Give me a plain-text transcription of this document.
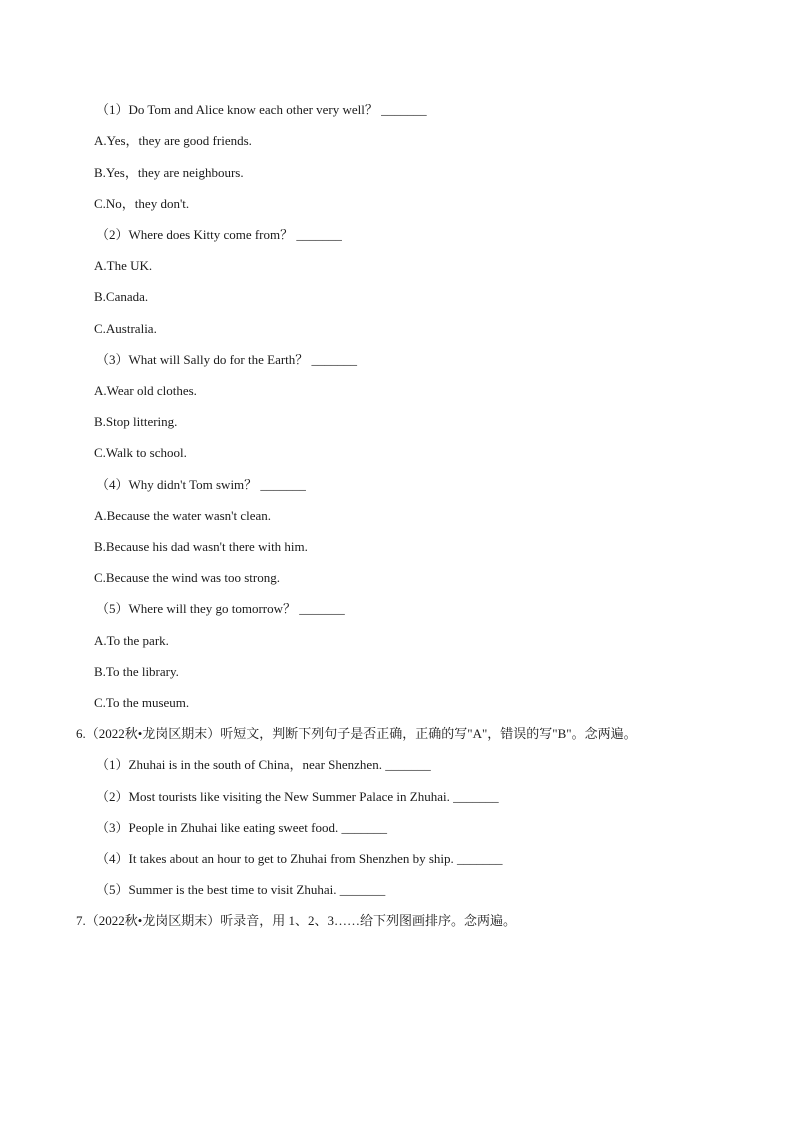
（1）Do Tom and Alice know each other very well？ _______
A.Yes，they are good friends.
B.Yes，they are neighbours.
C.No，they don't.
（2）Where does Kitty come from？ _______
A.The UK.
B.Canada.
C.Australia.
（3）What will Sally do for the Earth？ _______
A.Wear old clothes.
B.Stop littering.
C.Walk to school.
（4）Why didn't Tom swim？ _______
A.Because the water wasn't clean.
B.Because his dad wasn't there with him.
C.Because the wind was too strong.
（5）Where will they go tomorrow？ _______
A.To the park.
B.To the library.
C.To the museum.
6.（2022秋•龙岗区期末）听短文，判断下列句子是否正确，正确的写"A"，错误的写"B"。念两遍。
（1）Zhuhai is in the south of China，near Shenzhen. _______
（2）Most tourists like visiting the New Summer Palace in Zhuhai. _______
（3）People in Zhuhai like eating sweet food. _______
（4）It takes about an hour to get to Zhuhai from Shenzhen by ship. _______
（5）Summer is the best time to visit Zhuhai. _______
7.（2022秋•龙岗区期末）听录音，用 1、2、3……给下列图画排序。念两遍。
